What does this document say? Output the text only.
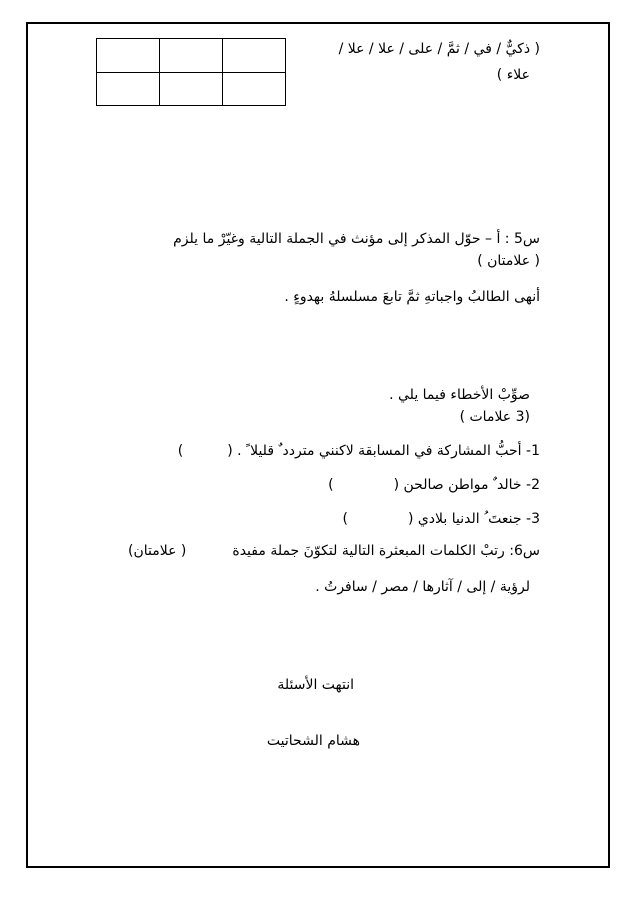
( ذكيٌّ / في / ثمَّ / على / علا / علا /
علاء )
س5 : أ – حوّل المذكر إلى مؤنث في الجملة التالية وغيّرْ ما يلزم
( علامتان )
أنهى الطالبُ واجباتهِ ثمَّ تابعَ مسلسلهُ بهدوءٍ .
صوِّبْ الأخطاء فيما يلي .
(3 علامات )
1- أحبُّ المشاركة في المسابقة لاكنني متردد ٌ قليلا ً . ()
2- خالد ٌ مواطن صالحن ()
3- جنعتَ ُ الدنيا بلادي ()
س6: رتبْ الكلمات المبعثرة التالية لتكوّنَ جملة مفيدة( علامتان)
لرؤية / إلى / آثارها / مصر / سافرتُ .
انتهت الأسئلة
هشام الشحاتيت
